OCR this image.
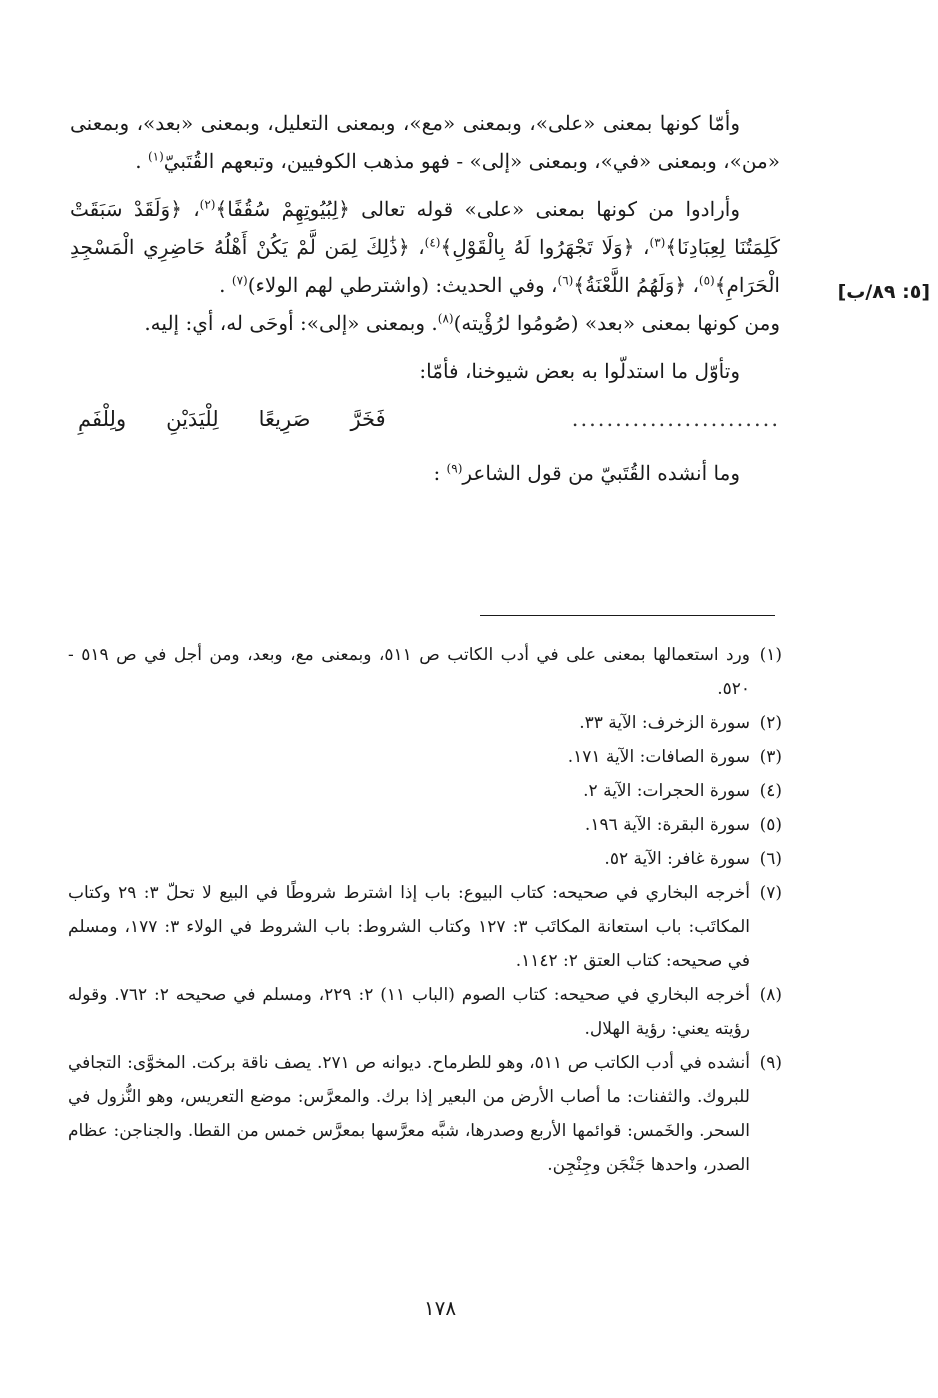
[٥: ٨٩/ب]

وأمّا كونها بمعنى «على»، وبمعنى «مع»، وبمعنى التعليل، وبمعنى «بعد»، وبمعنى «من»، وبمعنى «في»، وبمعنى «إلى» - فهو مذهب الكوفيين، وتبعهم القُتَبيّ$^{(١)}$ .

وأرادوا من كونها بمعنى «على» قوله تعالى ﴿لِبُيُوتِهِمْ سُقُفًا﴾$^{(٢)}$، ﴿وَلَقَدْ سَبَقَتْ كَلِمَتُنَا لِعِبَادِنَا﴾$^{(٣)}$، ﴿وَلَا تَجْهَرُوا لَهُ بِالْقَوْلِ﴾$^{(٤)}$، ﴿ذَٰلِكَ لِمَن لَّمْ يَكُنْ أَهْلُهُ حَاضِرِي الْمَسْجِدِ الْحَرَامِ﴾$^{(٥)}$، ﴿وَلَهُمُ اللَّعْنَةُ﴾$^{(٦)}$، وفي الحديث: (واشترطي لهم الولاء)$^{(٧)}$ .

ومن كونها بمعنى «بعد» (صُومُوا لرُؤْيته)$^{(٨)}$. وبمعنى «إلى»: أوحَى له، أي: إليه.

وتأوّل ما استدلّوا به بعض شيوخنا، فأمّا:

........................
فَخَرَّ
صَرِيعًا
لِلْيَدَيْنِ
ولِلْفَمِ

وما أنشده القُتَبيّ من قول الشاعر$^{(٩)}$ :

(١)
ورد استعمالها بمعنى على في أدب الكاتب ص ٥١١، وبمعنى مع، وبعد، ومن أجل في ص ٥١٩ - ٥٢٠.
(٢)
سورة الزخرف: الآية ٣٣.
(٣)
سورة الصافات: الآية ١٧١.
(٤)
سورة الحجرات: الآية ٢.
(٥)
سورة البقرة: الآية ١٩٦.
(٦)
سورة غافر: الآية ٥٢.
(٧)
أخرجه البخاري في صحيحه: كتاب البيوع: باب إذا اشترط شروطًا في البيع لا تحلّ ٣: ٢٩ وكتاب المكاتَب: باب استعانة المكاتَب ٣: ١٢٧ وكتاب الشروط: باب الشروط في الولاء ٣: ١٧٧، ومسلم في صحيحه: كتاب العتق ٢: ١١٤٢.
(٨)
أخرجه البخاري في صحيحه: كتاب الصوم (الباب ١١) ٢: ٢٢٩، ومسلم في صحيحه ٢: ٧٦٢. وقوله رؤيته يعني: رؤية الهلال.
(٩)
أنشده في أدب الكاتب ص ٥١١، وهو للطرماح. ديوانه ص ٢٧١. يصف ناقة بركت. المخوَّى: التجافي للبروك. والثفنات: ما أصاب الأرض من البعير إذا برك. والمعرَّس: موضع التعريس، وهو النُّزول في السحر. والخَمس: قوائمها الأربع وصدرها، شبَّه معرَّسها بمعرَّس خمس من القطا. والجناجن: عظام الصدر، واحدها جَنْجَن وجِنْجِن.
١٧٨
